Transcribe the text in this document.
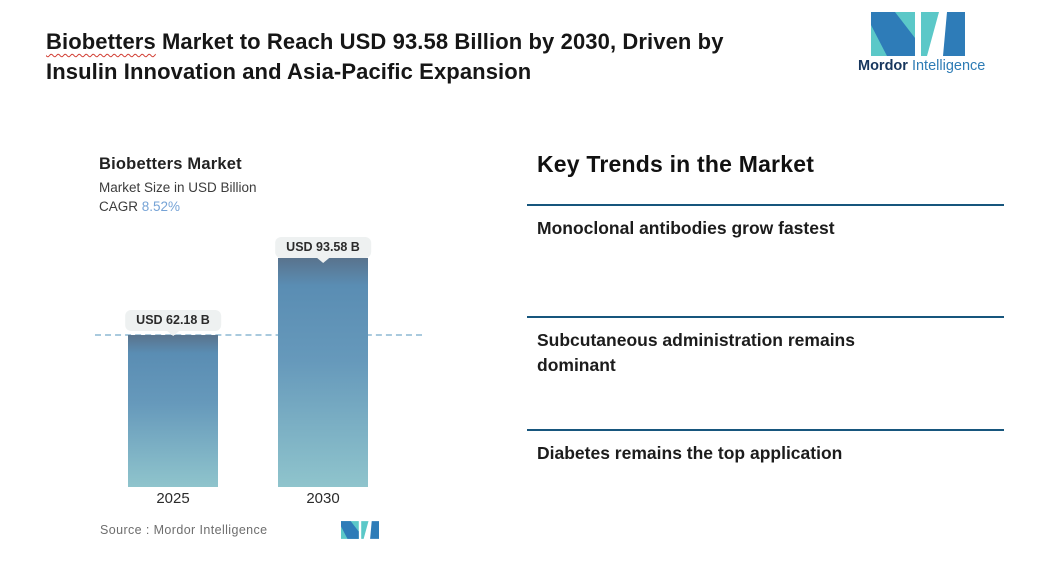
Biobetters Market to Reach USD 93.58 Billion by 2030, Driven by
Insulin Innovation and Asia-Pacific Expansion	Mordor Intelligence
Biobetters Market
Market Size in USD Billion
CAGR 8.52%
USD 62.18 B
USD 93.58 B
2025	2030
Source : Mordor Intelligence
Key Trends in the Market
Monoclonal antibodies grow fastest
Subcutaneous administration remains dominant
Diabetes remains the top application
